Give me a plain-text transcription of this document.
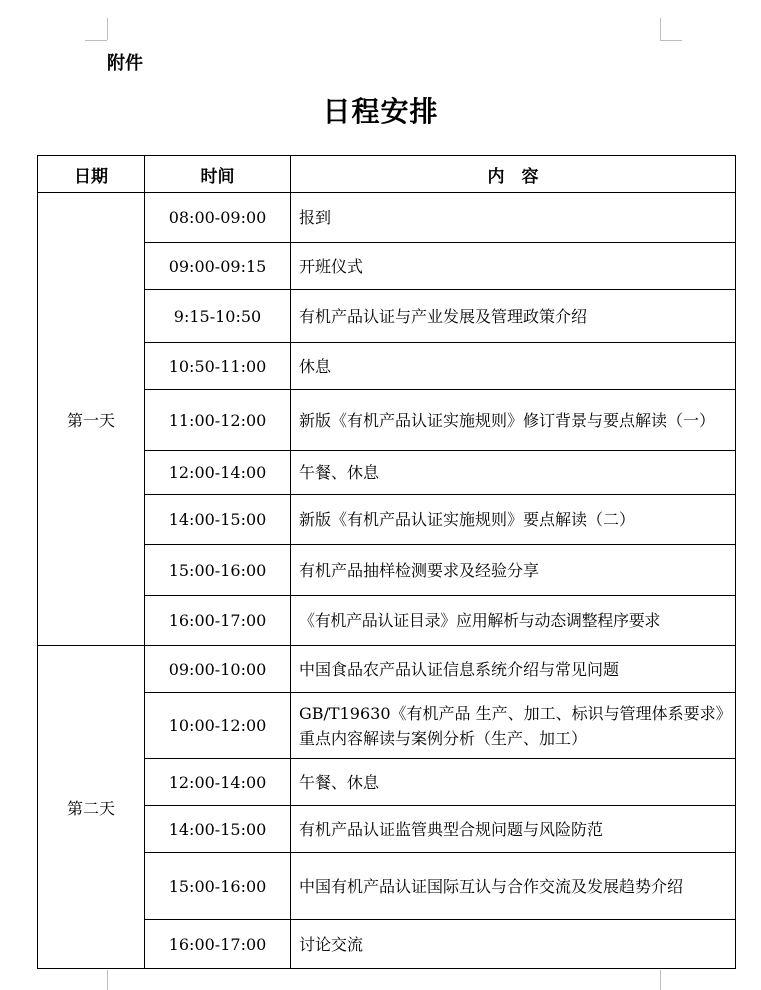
附件
日程安排
日期	时间	内　容
第一天	08:00-09:00	报到
	09:00-09:15	开班仪式
	9:15-10:50	有机产品认证与产业发展及管理政策介绍
	10:50-11:00	休息
	11:00-12:00	新版《有机产品认证实施规则》修订背景与要点解读（一）
	12:00-14:00	午餐、休息
	14:00-15:00	新版《有机产品认证实施规则》要点解读（二）
	15:00-16:00	有机产品抽样检测要求及经验分享
	16:00-17:00	《有机产品认证目录》应用解析与动态调整程序要求
第二天	09:00-10:00	中国食品农产品认证信息系统介绍与常见问题
	10:00-12:00	GB/T19630《有机产品 生产、加工、标识与管理体系要求》重点内容解读与案例分析（生产、加工）
	12:00-14:00	午餐、休息
	14:00-15:00	有机产品认证监管典型合规问题与风险防范
	15:00-16:00	中国有机产品认证国际互认与合作交流及发展趋势介绍
	16:00-17:00	讨论交流
